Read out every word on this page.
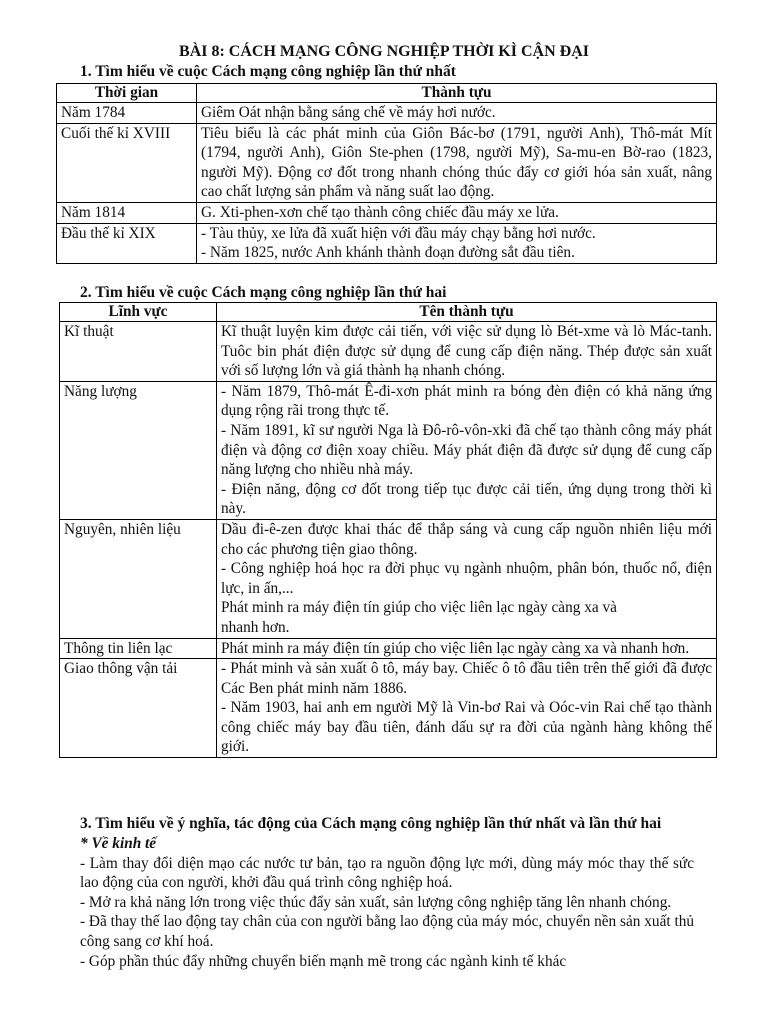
BÀI 8: CÁCH MẠNG CÔNG NGHIỆP THỜI KÌ CẬN ĐẠI
1. Tìm hiểu về cuộc Cách mạng công nghiệp lần thứ nhất
Thời gian	Thành tựu
Năm 1784	Giêm Oát nhận bằng sáng chế về máy hơi nước.

Cuối thế kỉ XVIII	Tiêu biểu là các phát minh của Giôn Bác-bơ (1791, người Anh), Thô-mát Mít (1794, người Anh), Giôn Ste-phen (1798, người Mỹ), Sa-mu-en Bờ-rao (1823, người Mỹ). Động cơ đốt trong nhanh chóng thúc đẩy cơ giới hóa sản xuất, nâng cao chất lượng sản phẩm và năng suất lao động.

Năm 1814	G. Xti-phen-xơn chế tạo thành công chiếc đầu máy xe lửa.

Đầu thế kỉ XIX	- Tàu thủy, xe lửa đã xuất hiện với đầu máy chạy bằng hơi nước.

- Năm 1825, nước Anh khánh thành đoạn đường sắt đầu tiên.

2. Tìm hiểu về cuộc Cách mạng công nghiệp lần thứ hai
Lĩnh vực	Tên thành tựu
Kĩ thuật	Kĩ thuật luyện kim được cải tiến, với việc sử dụng lò Bét-xme và lò Mác-tanh. Tuôc bin phát điện được sử dụng để cung cấp điện năng. Thép được sản xuất với số lượng lớn và giá thành hạ nhanh chóng.

Năng lượng	- Năm 1879, Thô-mát Ê-đi-xơn phát minh ra bóng đèn điện có khả năng ứng dụng rộng rãi trong thực tế.

- Năm 1891, kĩ sư người Nga là Đô-rô-vôn-xki đã chế tạo thành công máy phát điện và động cơ điện xoay chiều. Máy phát điện đã được sử dụng để cung cấp năng lượng cho nhiều nhà máy.

- Điện năng, động cơ đốt trong tiếp tục được cải tiến, ứng dụng trong thời kì này.

Nguyên, nhiên liệu	Dầu đi-ê-zen được khai thác để thắp sáng và cung cấp nguồn nhiên liệu mới cho các phương tiện giao thông.

- Công nghiệp hoá học ra đời phục vụ ngành nhuộm, phân bón, thuốc nổ, điện lực, in ấn,...

Phát minh ra máy điện tín giúp cho việc liên lạc ngày càng xa và nhanh hơn.

Thông tin liên lạc	Phát minh ra máy điện tín giúp cho việc liên lạc ngày càng xa và nhanh hơn.

Giao thông vận tải	- Phát minh và sản xuất ô tô, máy bay. Chiếc ô tô đầu tiên trên thế giới đã được Các Ben phát minh năm 1886.

- Năm 1903, hai anh em người Mỹ là Vin-bơ Rai và Oóc-vin Rai chế tạo thành công chiếc máy bay đầu tiên, đánh dấu sự ra đời của ngành hàng không thế giới.

3. Tìm hiểu về ý nghĩa, tác động của Cách mạng công nghiệp lần thứ nhất và lần thứ hai

* Về kinh tế

- Làm thay đổi diện mạo các nước tư bản, tạo ra nguồn động lực mới, dùng máy móc thay thế sức lao động của con người, khởi đầu quá trình công nghiệp hoá.

- Mở ra khả năng lớn trong việc thúc đẩy sản xuất, sản lượng công nghiệp tăng lên nhanh chóng.

- Đã thay thế lao động tay chân của con người bằng lao động của máy móc, chuyển nền sản xuất thủ công sang cơ khí hoá.

- Góp phần thúc đẩy những chuyển biến mạnh mẽ trong các ngành kinh tế khác
